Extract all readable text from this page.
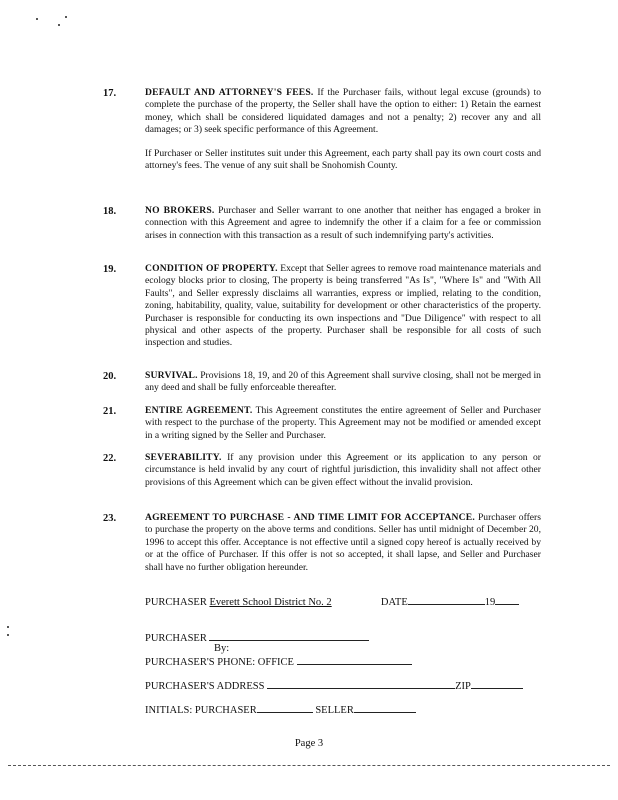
17.	DEFAULT AND ATTORNEY'S FEES. If the Purchaser fails, without legal excuse (grounds) to complete the purchase of the property, the Seller shall have the option to either: 1) Retain the earnest money, which shall be considered liquidated damages and not a penalty; 2) recover any and all damages; or 3) seek specific performance of this Agreement.

If Purchaser or Seller institutes suit under this Agreement, each party shall pay its own court costs and attorney's fees. The venue of any suit shall be Snohomish County.

18.	NO BROKERS. Purchaser and Seller warrant to one another that neither has engaged a broker in connection with this Agreement and agree to indemnify the other if a claim for a fee or commission arises in connection with this transaction as a result of such indemnifying party's activities.

19.	CONDITION OF PROPERTY. Except that Seller agrees to remove road maintenance materials and ecology blocks prior to closing, The property is being transferred "As Is", "Where Is" and "With All Faults", and Seller expressly disclaims all warranties, express or implied, relating to the condition, zoning, habitability, quality, value, suitability for development or other characteristics of the property. Purchaser is responsible for conducting its own inspections and "Due Diligence" with respect to all physical and other aspects of the property. Purchaser shall be responsible for all costs of such inspection and studies.

20.	SURVIVAL. Provisions 18, 19, and 20 of this Agreement shall survive closing, shall not be merged in any deed and shall be fully enforceable thereafter.

21.	ENTIRE AGREEMENT. This Agreement constitutes the entire agreement of Seller and Purchaser with respect to the purchase of the property. This Agreement may not be modified or amended except in a writing signed by the Seller and Purchaser.

22.	SEVERABILITY. If any provision under this Agreement or its application to any person or circumstance is held invalid by any court of rightful jurisdiction, this invalidity shall not affect other provisions of this Agreement which can be given effect without the invalid provision.

23.	AGREEMENT TO PURCHASE - AND TIME LIMIT FOR ACCEPTANCE. Purchaser offers to purchase the property on the above terms and conditions. Seller has until midnight of December 20, 1996 to accept this offer. Acceptance is not effective until a signed copy hereof is actually received by or at the office of Purchaser. If this offer is not so accepted, it shall lapse, and Seller and Purchaser shall have no further obligation hereunder.

PURCHASER Everett School District No. 2	DATE	19
PURCHASER
By:
PURCHASER'S PHONE: OFFICE
PURCHASER'S ADDRESS	ZIP
INITIALS: PURCHASER	SELLER
Page 3
